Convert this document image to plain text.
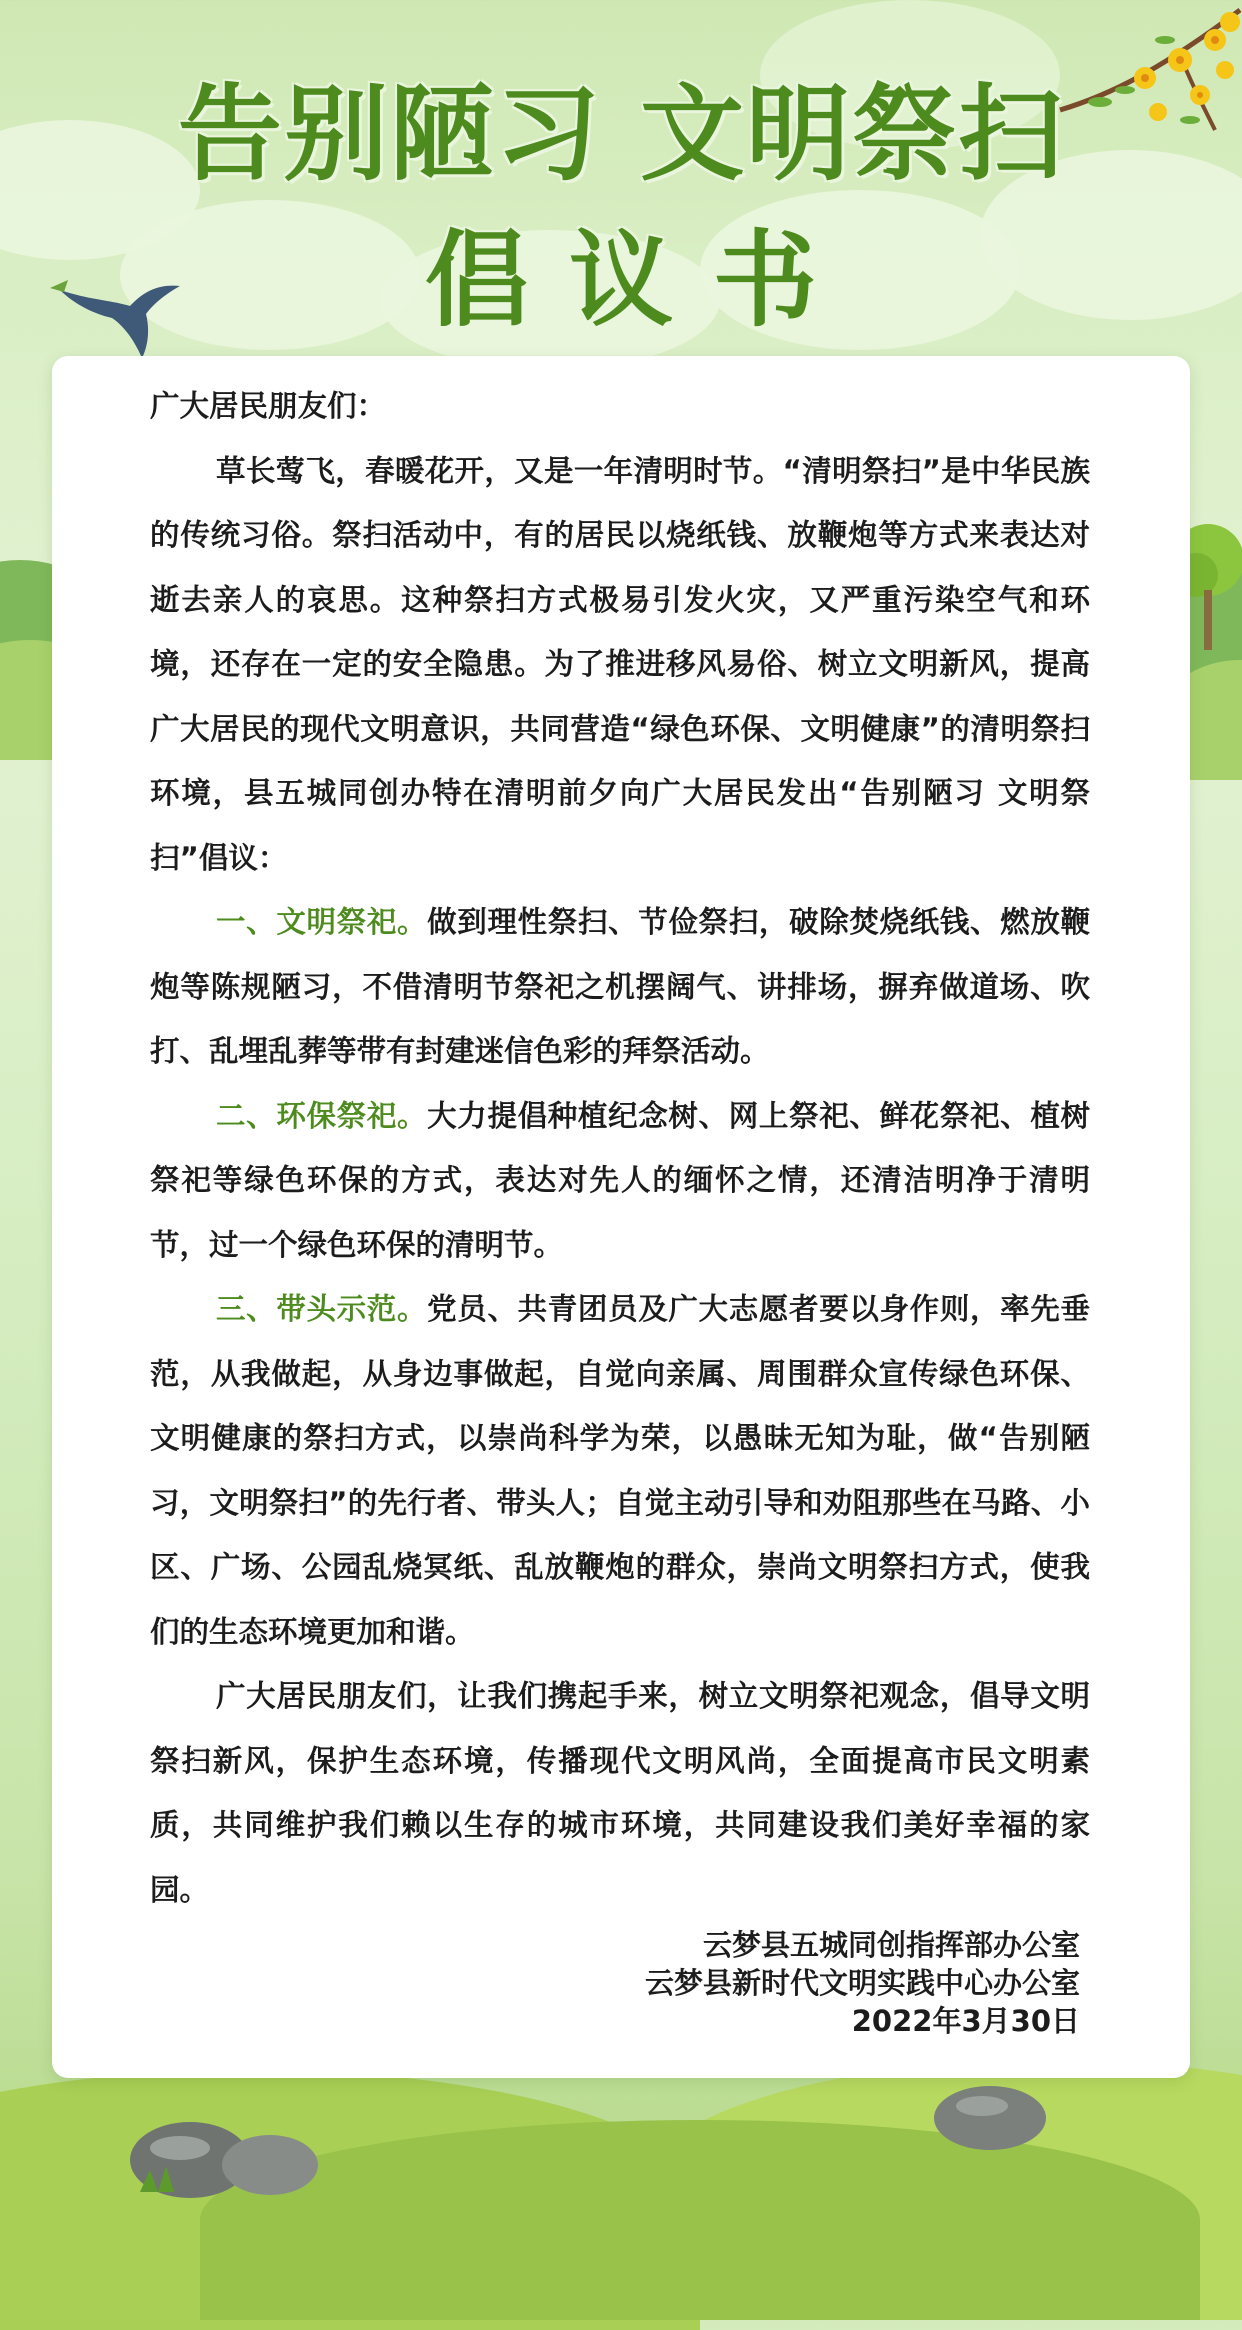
告别陋习 文明祭扫
倡议书

广大居民朋友们：

草长莺飞，春暖花开，又是一年清明时节。“清明祭扫”是中华民族的传统习俗。祭扫活动中，有的居民以烧纸钱、放鞭炮等方式来表达对逝去亲人的哀思。这种祭扫方式极易引发火灾，又严重污染空气和环境，还存在一定的安全隐患。为了推进移风易俗、树立文明新风，提高广大居民的现代文明意识，共同营造“绿色环保、文明健康”的清明祭扫环境，县五城同创办特在清明前夕向广大居民发出“告别陋习 文明祭扫”倡议：

一、文明祭祀。做到理性祭扫、节俭祭扫，破除焚烧纸钱、燃放鞭炮等陈规陋习，不借清明节祭祀之机摆阔气、讲排场，摒弃做道场、吹打、乱埋乱葬等带有封建迷信色彩的拜祭活动。

二、环保祭祀。大力提倡种植纪念树、网上祭祀、鲜花祭祀、植树祭祀等绿色环保的方式，表达对先人的缅怀之情，还清洁明净于清明节，过一个绿色环保的清明节。

三、带头示范。党员、共青团员及广大志愿者要以身作则，率先垂范，从我做起，从身边事做起，自觉向亲属、周围群众宣传绿色环保、文明健康的祭扫方式，以崇尚科学为荣，以愚昧无知为耻，做“告别陋习，文明祭扫”的先行者、带头人；自觉主动引导和劝阻那些在马路、小区、广场、公园乱烧冥纸、乱放鞭炮的群众，崇尚文明祭扫方式，使我们的生态环境更加和谐。

广大居民朋友们，让我们携起手来，树立文明祭祀观念，倡导文明祭扫新风，保护生态环境，传播现代文明风尚，全面提高市民文明素质，共同维护我们赖以生存的城市环境，共同建设我们美好幸福的家园。

云梦县五城同创指挥部办公室
云梦县新时代文明实践中心办公室
2022年3月30日
